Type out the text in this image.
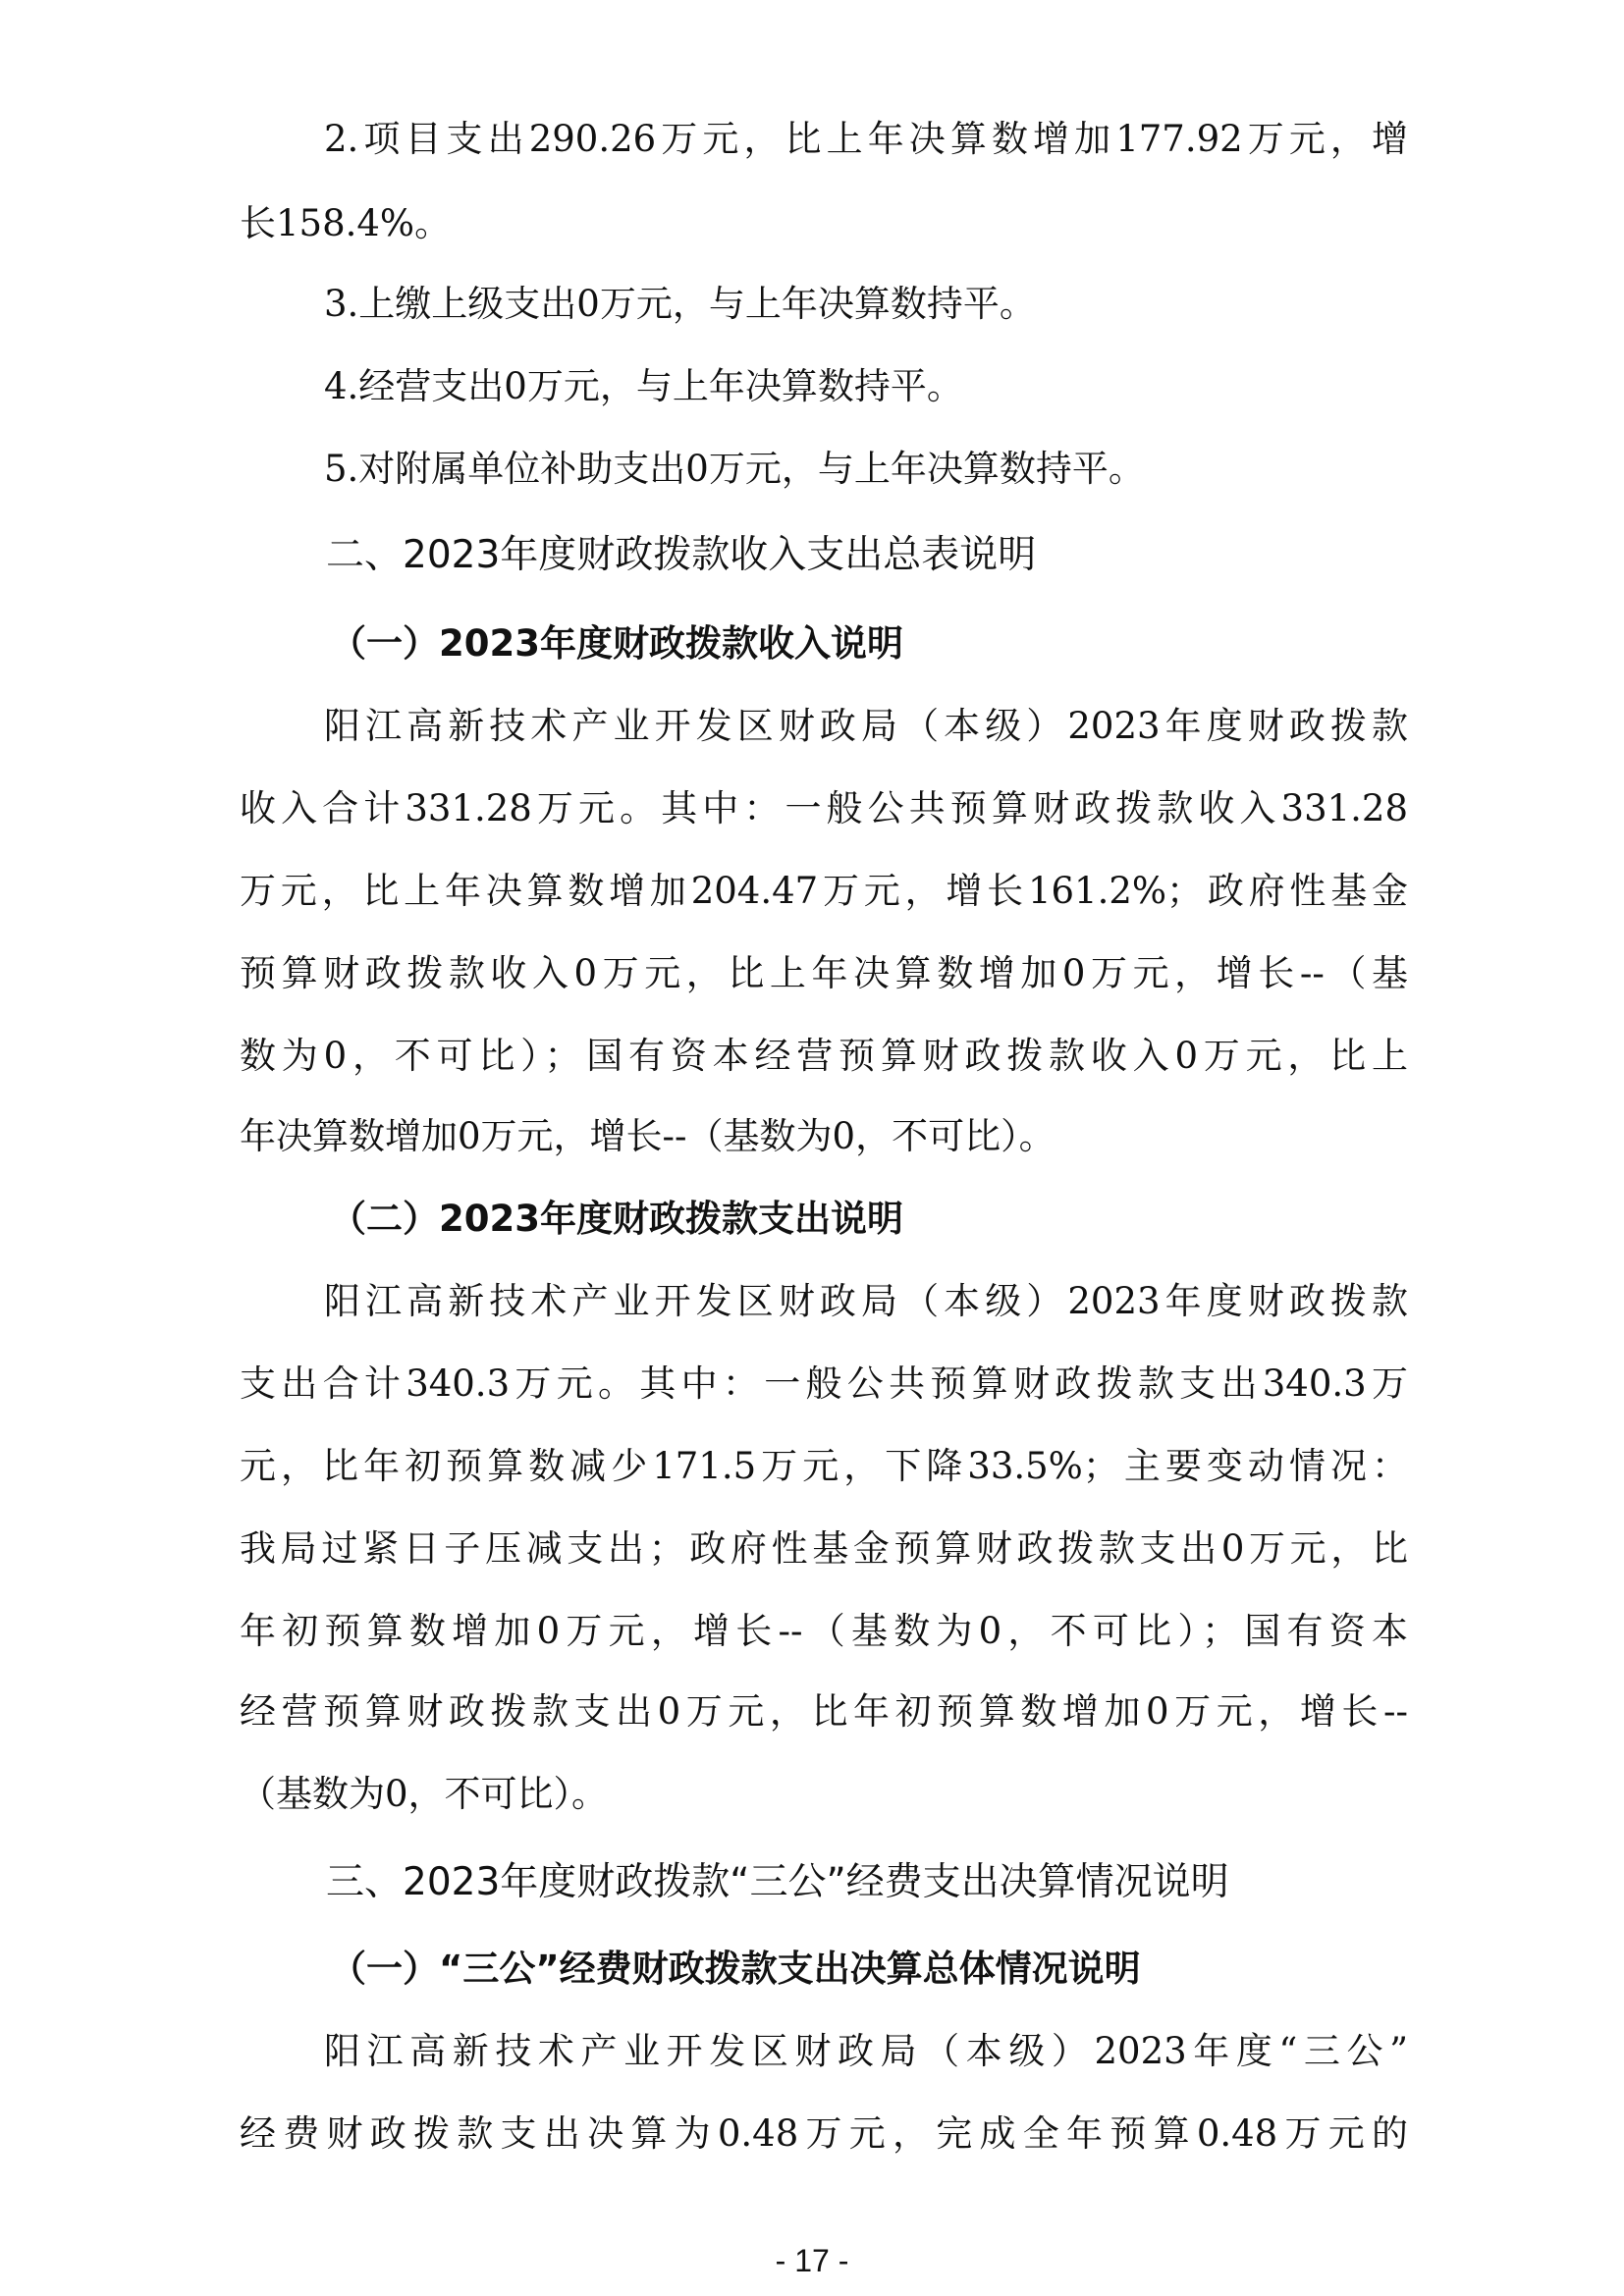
2.项目支出290.26万元，比上年决算数增加177.92万元，增
长158.4%。
3.上缴上级支出0万元，与上年决算数持平。
4.经营支出0万元，与上年决算数持平。
5.对附属单位补助支出0万元，与上年决算数持平。
二、2023年度财政拨款收入支出总表说明
（一）2023年度财政拨款收入说明
阳江高新技术产业开发区财政局（本级）2023年度财政拨款
收入合计331.28万元。其中：一般公共预算财政拨款收入331.28
万元，比上年决算数增加204.47万元，增长161.2%；政府性基金
预算财政拨款收入0万元，比上年决算数增加0万元，增长--（基
数为0，不可比）；国有资本经营预算财政拨款收入0万元，比上
年决算数增加0万元，增长--（基数为0，不可比）。
（二）2023年度财政拨款支出说明
阳江高新技术产业开发区财政局（本级）2023年度财政拨款
支出合计340.3万元。其中：一般公共预算财政拨款支出340.3万
元，比年初预算数减少171.5万元，下降33.5%；主要变动情况：
我局过紧日子压减支出；政府性基金预算财政拨款支出0万元，比
年初预算数增加0万元，增长--（基数为0，不可比）；国有资本
经营预算财政拨款支出0万元，比年初预算数增加0万元，增长--
（基数为0，不可比）。
三、2023年度财政拨款“三公”经费支出决算情况说明
（一）“三公”经费财政拨款支出决算总体情况说明
阳江高新技术产业开发区财政局（本级）2023年度“三公”
经费财政拨款支出决算为0.48万元，完成全年预算0.48万元的
- 17 -
